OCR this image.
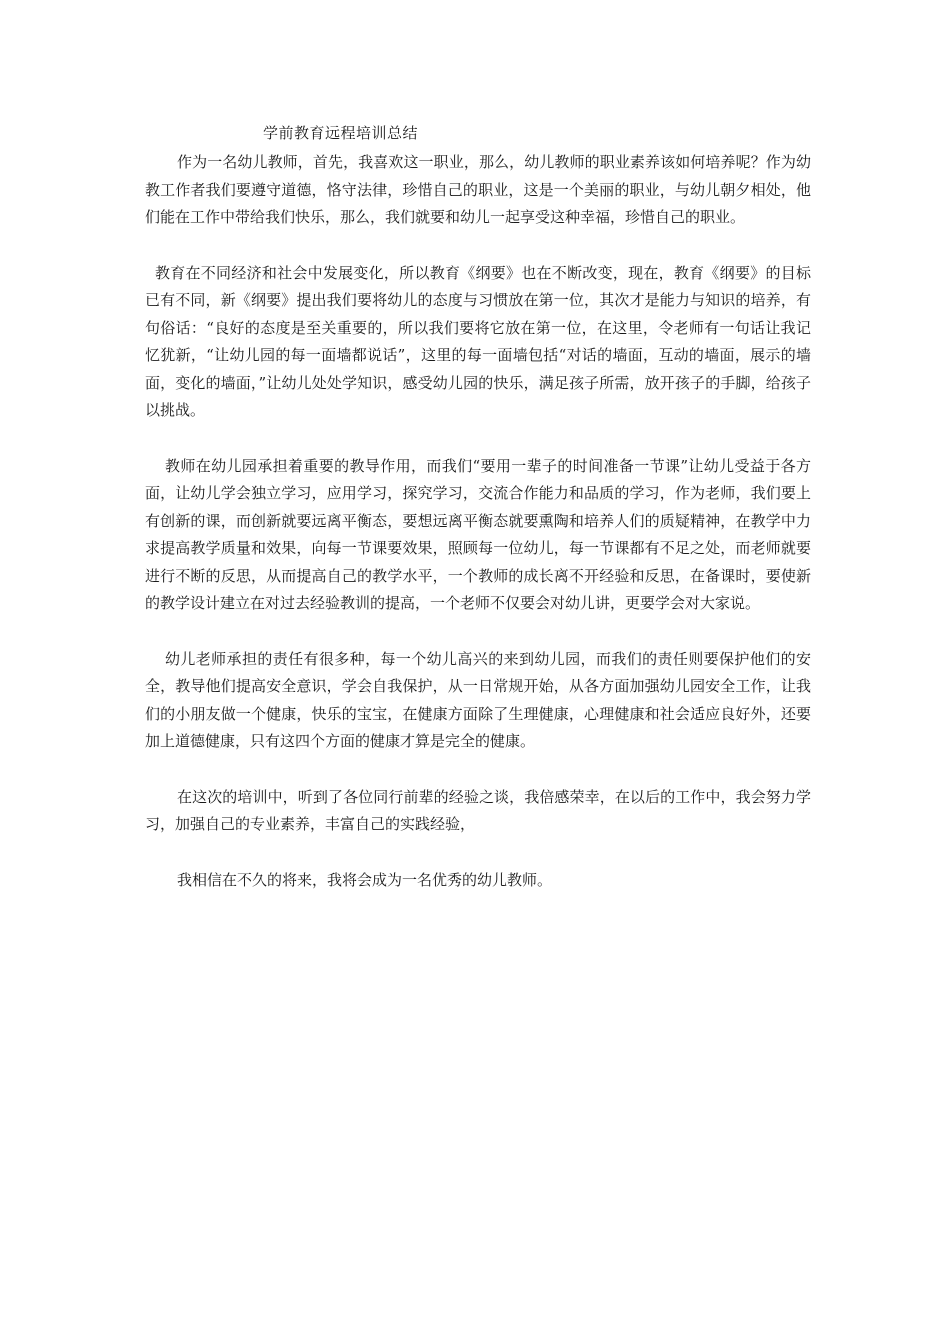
学前教育远程培训总结

作为一名幼儿教师，首先，我喜欢这一职业，那么，幼儿教师的职业素养该如何培养呢？作为幼教工作者我们要遵守道德，恪守法律，珍惜自己的职业，这是一个美丽的职业，与幼儿朝夕相处，他们能在工作中带给我们快乐，那么，我们就要和幼儿一起享受这种幸福，珍惜自己的职业。

教育在不同经济和社会中发展变化，所以教育《纲要》也在不断改变，现在，教育《纲要》的目标已有不同，新《纲要》提出我们要将幼儿的态度与习惯放在第一位，其次才是能力与知识的培养，有句俗话：“良好的态度是至关重要的，所以我们要将它放在第一位，在这里，令老师有一句话让我记忆犹新，“让幼儿园的每一面墙都说话”，这里的每一面墙包括“对话的墙面，互动的墙面，展示的墙面，变化的墙面，”让幼儿处处学知识，感受幼儿园的快乐，满足孩子所需，放开孩子的手脚，给孩子以挑战。

教师在幼儿园承担着重要的教导作用，而我们“要用一辈子的时间准备一节课”让幼儿受益于各方面，让幼儿学会独立学习，应用学习，探究学习，交流合作能力和品质的学习，作为老师，我们要上有创新的课，而创新就要远离平衡态，要想远离平衡态就要熏陶和培养人们的质疑精神，在教学中力求提高教学质量和效果，向每一节课要效果，照顾每一位幼儿，每一节课都有不足之处，而老师就要进行不断的反思，从而提高自己的教学水平，一个教师的成长离不开经验和反思，在备课时，要使新的教学设计建立在对过去经验教训的提高，一个老师不仅要会对幼儿讲，更要学会对大家说。

幼儿老师承担的责任有很多种，每一个幼儿高兴的来到幼儿园，而我们的责任则要保护他们的安全，教导他们提高安全意识，学会自我保护，从一日常规开始，从各方面加强幼儿园安全工作，让我们的小朋友做一个健康，快乐的宝宝，在健康方面除了生理健康，心理健康和社会适应良好外，还要加上道德健康，只有这四个方面的健康才算是完全的健康。

在这次的培训中，听到了各位同行前辈的经验之谈，我倍感荣幸，在以后的工作中，我会努力学习，加强自己的专业素养，丰富自己的实践经验，

我相信在不久的将来，我将会成为一名优秀的幼儿教师。
